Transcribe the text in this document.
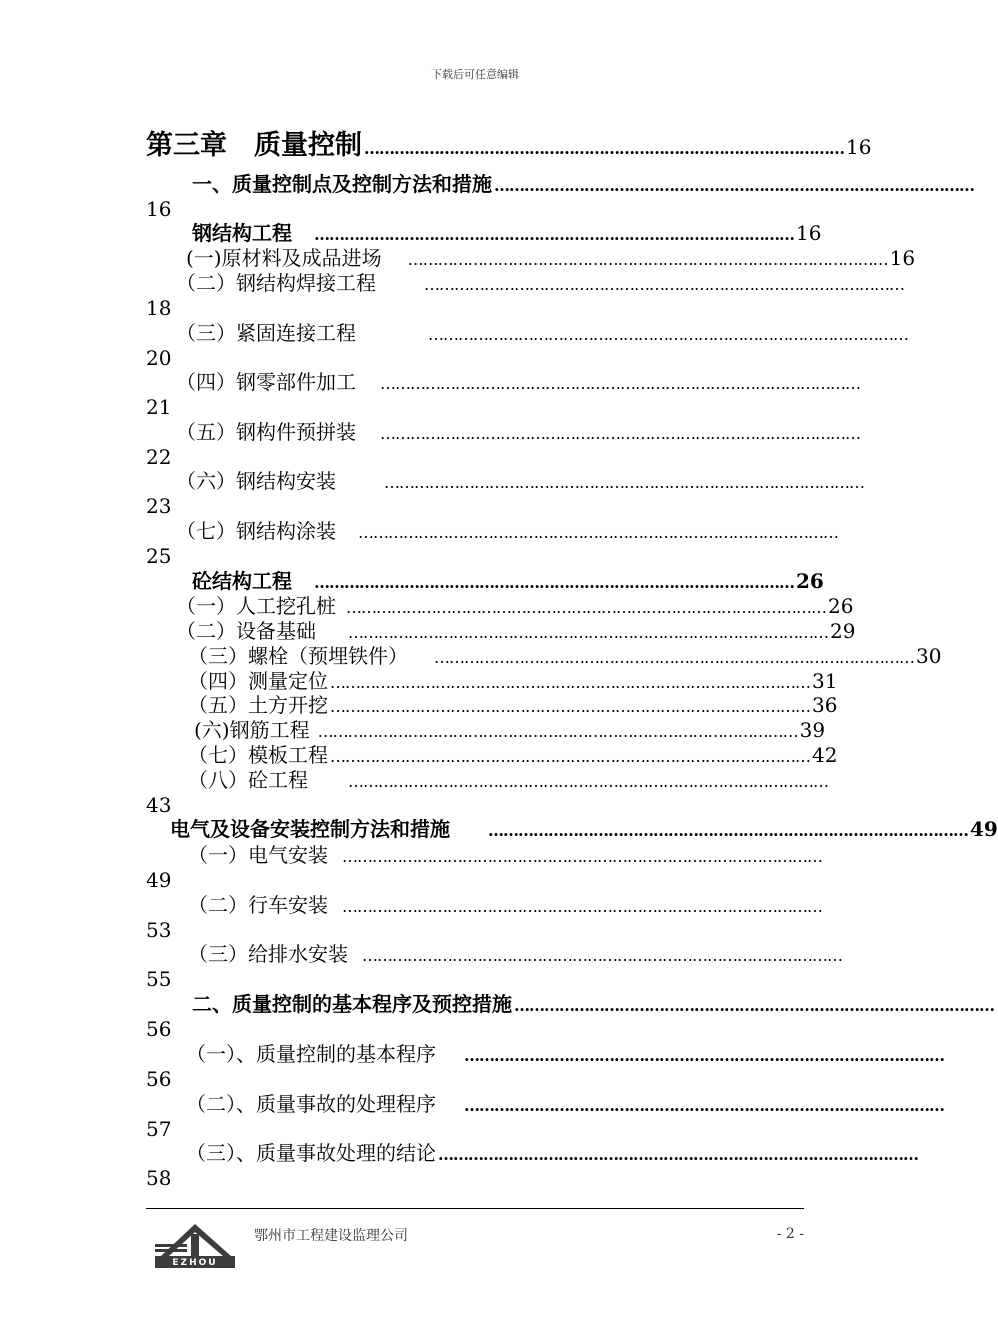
下载后可任意编辑
第三章　质量控制 …………………………………………………………………………………… 16
一、质量控制点及控制方法和措施 ……………………………………………………………………………………
16
钢结构工程 …………………………………………………………………………………… 16
(一)原材料及成品进场 …………………………………………………………………………………… 16
（二）钢结构焊接工程	……………………………………………………………………………………
18
（三）紧固连接工程	……………………………………………………………………………………
20
（四）钢零部件加工 ……………………………………………………………………………………
21
（五）钢构件预拼装 ……………………………………………………………………………………
22
（六）钢结构安装	……………………………………………………………………………………
23
（七）钢结构涂装 ……………………………………………………………………………………
25
砼结构工程 …………………………………………………………………………………… 26
（一）人工挖孔桩 …………………………………………………………………………………… 26
（二）设备基础 …………………………………………………………………………………… 29
（三）螺栓（预埋铁件） …………………………………………………………………………………… 30
（四）测量定位 …………………………………………………………………………………… 31
（五）土方开挖 …………………………………………………………………………………… 36
(六)钢筋工程 …………………………………………………………………………………… 39
（七）模板工程 …………………………………………………………………………………… 42
（八）砼工程	……………………………………………………………………………………
43
电气及设备安装控制方法和措施 …………………………………………………………………………………… 49
（一）电气安装 ……………………………………………………………………………………
49
（二）行车安装 ……………………………………………………………………………………
53
（三）给排水安装 ……………………………………………………………………………………
55
二、质量控制的基本程序及预控措施 ……………………………………………………………………………………
56
（一）、质量控制的基本程序 ……………………………………………………………………………………
56
（二）、质量事故的处理程序 ……………………………………………………………………………………
57
（三）、质量事故处理的结论 ……………………………………………………………………………………
58
EZHOU
鄂州市工程建设监理公司	- 2 -
